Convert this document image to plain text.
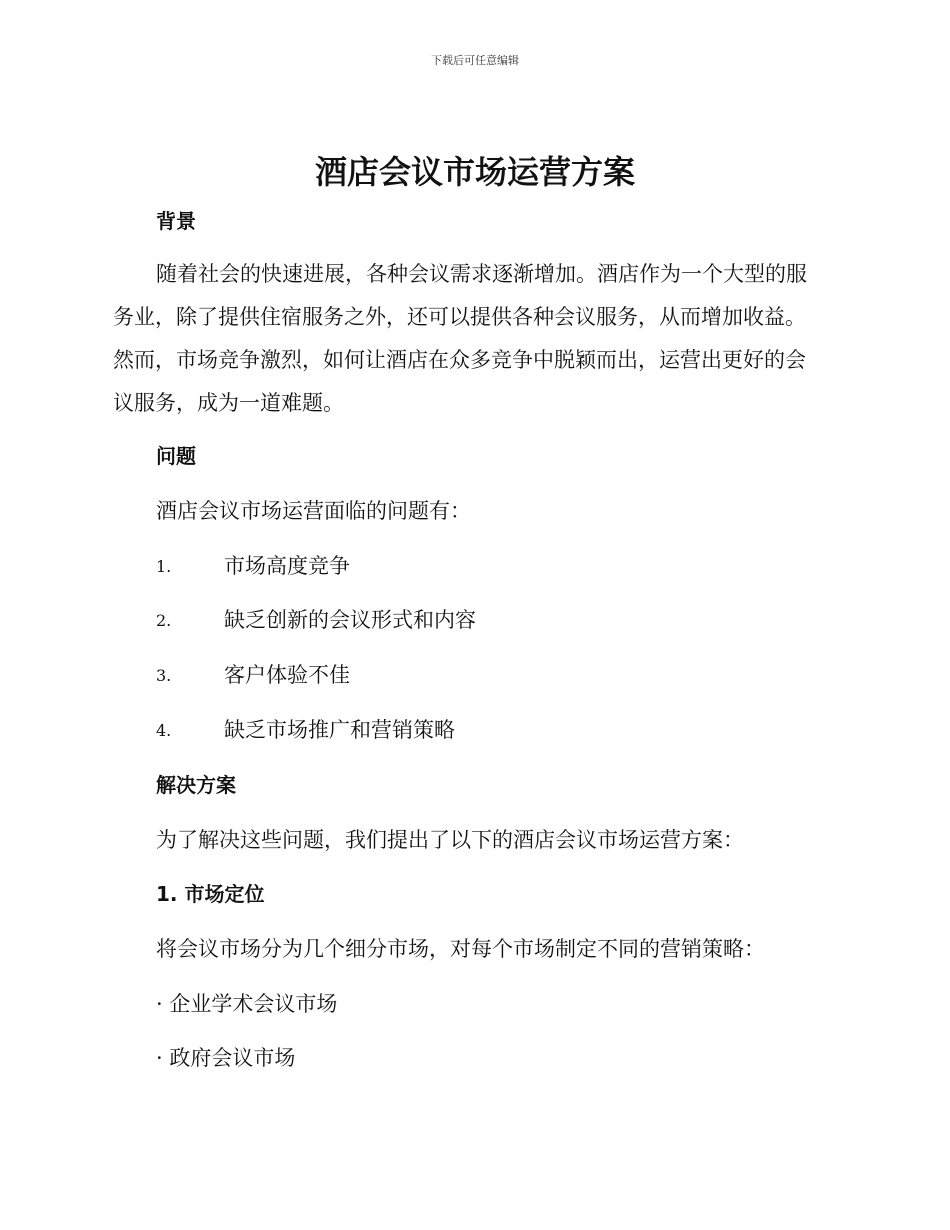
下载后可任意编辑
酒店会议市场运营方案
背景
随着社会的快速进展，各种会议需求逐渐增加。酒店作为一个大型的服
务业，除了提供住宿服务之外，还可以提供各种会议服务，从而增加收益。
然而，市场竞争激烈，如何让酒店在众多竞争中脱颖而出，运营出更好的会
议服务，成为一道难题。
问题
酒店会议市场运营面临的问题有：
1.	市场高度竞争
2.	缺乏创新的会议形式和内容
3.	客户体验不佳
4.	缺乏市场推广和营销策略
解决方案
为了解决这些问题，我们提出了以下的酒店会议市场运营方案：
1. 市场定位
将会议市场分为几个细分市场，对每个市场制定不同的营销策略：
· 企业学术会议市场
· 政府会议市场
